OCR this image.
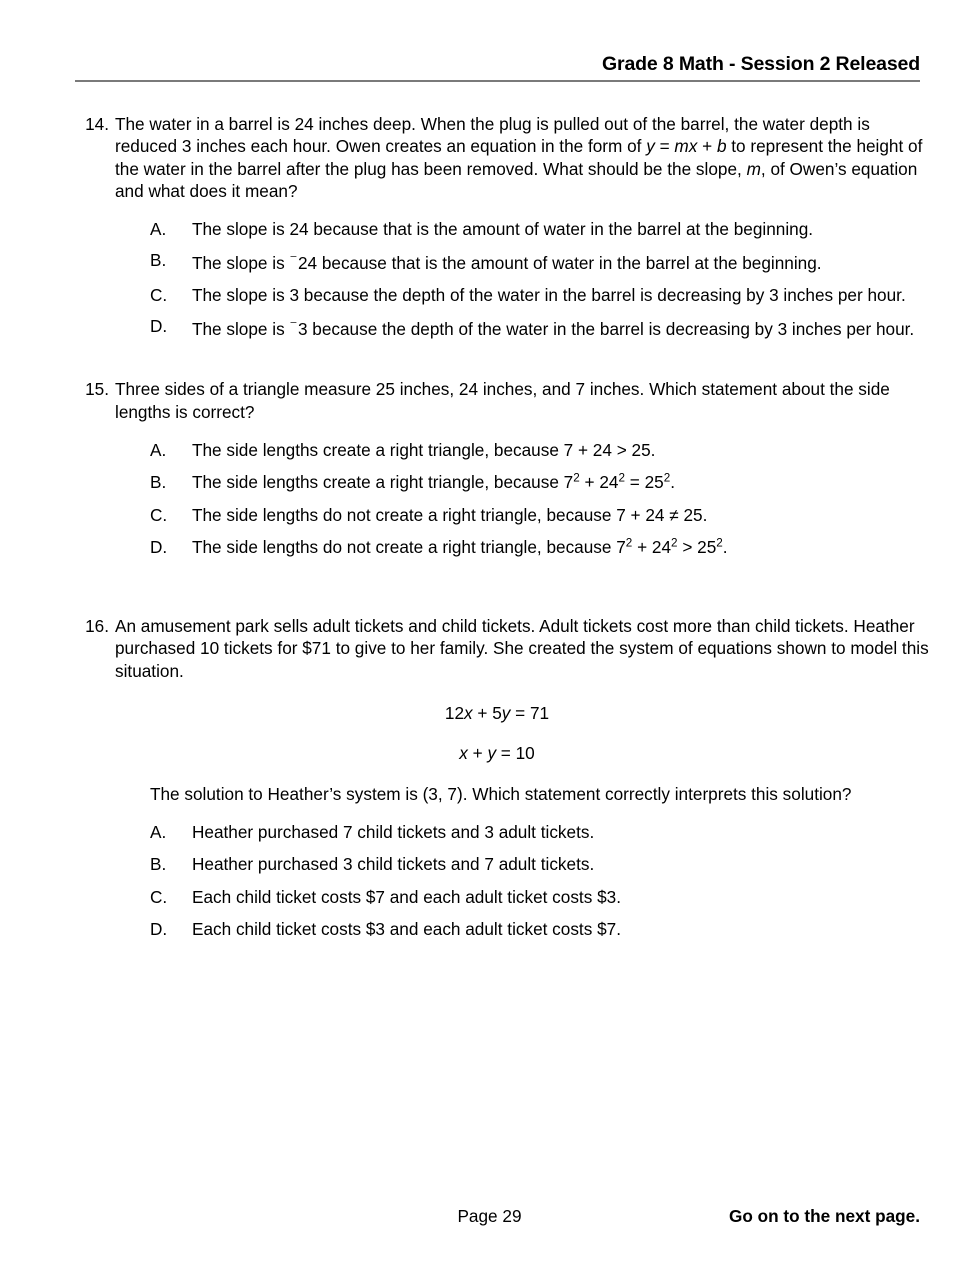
Grade 8 Math - Session 2 Released
14. The water in a barrel is 24 inches deep. When the plug is pulled out of the barrel, the water depth is reduced 3 inches each hour. Owen creates an equation in the form of y = mx + b to represent the height of the water in the barrel after the plug has been removed. What should be the slope, m, of Owen’s equation and what does it mean?
A.	The slope is 24 because that is the amount of water in the barrel at the beginning.
B.	The slope is ⁻24 because that is the amount of water in the barrel at the beginning.
C. The slope is 3 because the depth of the water in the barrel is decreasing by 3 inches per hour.
D. The slope is ⁻3 because the depth of the water in the barrel is decreasing by 3 inches per hour.
15. Three sides of a triangle measure 25 inches, 24 inches, and 7 inches. Which statement about the side lengths is correct?
A.	The side lengths create a right triangle, because 7 + 24 > 25.
B.	The side lengths create a right triangle, because $7^2 + 24^2 = 25^2$.
C. The side lengths do not create a right triangle, because 7 + 24 ≠ 25.
D. The side lengths do not create a right triangle, because $7^2 + 24^2 > 25^2$.
16. An amusement park sells adult tickets and child tickets. Adult tickets cost more than child tickets. Heather purchased 10 tickets for $71 to give to her family. She created the system of equations shown to model this situation.
12x + 5y = 71
x + y = 10
The solution to Heather’s system is (3, 7). Which statement correctly interprets this solution?
A.	Heather purchased 7 child tickets and 3 adult tickets.
B.	Heather purchased 3 child tickets and 7 adult tickets.
C. Each child ticket costs $7 and each adult ticket costs $3.
D. Each child ticket costs $3 and each adult ticket costs $7.
Page 29	Go on to the next page.
